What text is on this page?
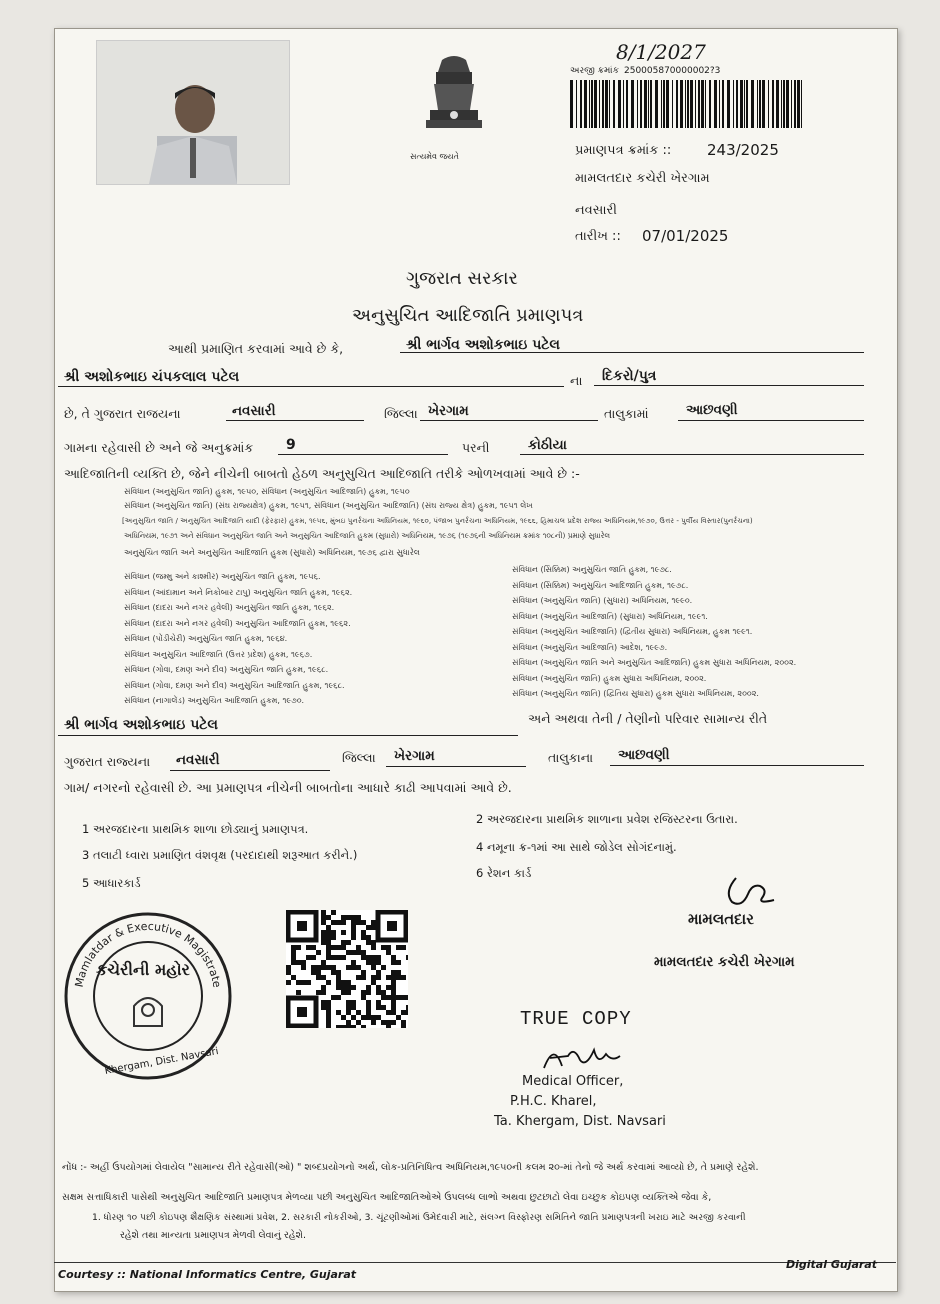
સત્યમેવ જયતે
8/1/2027
અરજી ક્રમાંક 250005870000002?3
પ્રમાણપત્ર ક્રમાંક :: 243/2025
મામલતદાર કચેરી ખેરગામ
નવસારી
તારીખ :: 07/01/2025
ગુજરાત સરકાર
અનુસુચિત આદિજાતિ પ્રમાણપત્ર
આથી પ્રમાણિત કરવામાં આવે છે કે,	શ્રી ભાર્ગવ અશોકભાઇ પટેલ
શ્રી અશોકભાઇ ચંપકલાલ પટેલ	ના દિકરો/પુત્ર
છે, તે ગુજરાત રાજયના	નવસારી	જિલ્લા ખેરગામ	તાલુકામાં	આછવણી
ગામના રહેવાસી છે અને જે અનુક્રમાંક 9	પરની	કોઠીયા
આદિજાતિની વ્યક્તિ છે, જેને નીચેની બાબતો હેઠળ અનુસુચિત આદિજાતિ તરીકે ઓળખવામાં આવે છે :-
સંવિધાન (અનુસુચિત જાતિ) હુકમ, ૧૯૫૦, સંવિધાન (અનુસુચિત આદિજાતિ) હુકમ, ૧૯૫૦
સંવિધાન (અનુસુચિત જાતિ) (સંઘ રાજ્યક્ષેત્ર) હુકમ, ૧૯૫૧, સંવિધાન (અનુસુચિત આદિજાતિ) (સંઘ રાજ્ય ક્ષેત્ર) હુકમ, ૧૯૫૧ લેખ
[અનુસુચિત જાતિ / અનુસુચિત આદિજાતિ યાદી (ફેરફાર) હુકમ, ૧૯૫૬, મુંબઇ પુનર્રચના અધિનિયમ, ૧૯૬૦, પંજાબ પુનર્રચના અધિનિયમ, ૧૯૬૬, હિમાચલ પ્રદેશ રાજ્ય અધિનિયમ,૧૯૭૦, ઉત્તર - પુર્વીય વિસ્તાર(પુનર્રચના)
અધિનિયમ, ૧૯૭૧ અને સંવિધાન અનુસુચિત જાતિ અને અનુસુચિત આદિજાતિ હુકમ (સુધારો) અધિનિયમ, ૧૯૭૬ (૧૯૭૬ની અધિનિયમ ક્રમાંક ૧૦૮ની) પ્રમાણે સુધારેલ
અનુસુચિત જાતિ અને અનુસુચિત આદિજાતિ હુકમ (સુધારો) અધિનિયમ, ૧૯૭૬ દ્વારા સુધારેલ
સંવિધાન (જમ્મુ અને કાશ્મીર) અનુસુચિત જાતિ હુકમ, ૧૯૫૬.
સંવિધાન (આંદામાન અને નિકોબાર ટાપુ) અનુસુચિત જાતિ હુકમ, ૧૯૬૨.
સંવિધાન (દાદરા અને નગર હવેલી) અનુસુચિત જાતિ હુકમ, ૧૯૬૨.
સંવિધાન (દાદરા અને નગર હવેલી) અનુસુચિત આદિજાતિ હુકમ, ૧૯૬૨.
સંવિધાન (પોંડીચેરી) અનુસુચિત જાતિ હુકમ, ૧૯૬૪.
સંવિધાન અનુસુચિત આદિજાતિ (ઉત્તર પ્રદેશ) હુકમ, ૧૯૬૭.
સંવિધાન (ગોવા, દમણ અને દીવ) અનુસુચિત જાતિ હુકમ, ૧૯૬૮.
સંવિધાન (ગોવા, દમણ અને દીવ) અનુસુચિત આદિજાતિ હુકમ, ૧૯૬૮.
સંવિધાન (નાગાલેંડ) અનુસુચિત આદિજાતિ હુકમ, ૧૯૭૦.
સંવિધાન (સિક્કિમ) અનુસુચિત જાતિ હુકમ, ૧૯૭૮.
સંવિધાન (સિક્કિમ) અનુસુચિત આદિજાતિ હુકમ, ૧૯૭૮.
સંવિધાન (અનુસુચિત જાતિ) (સુધારા) અધિનિયમ, ૧૯૯૦.
સંવિધાન (અનુસુચિત આદિજાતિ) (સુધારા) અધિનિયમ, ૧૯૯૧.
સંવિધાન (અનુસુચિત આદિજાતિ) (દ્વિતીય સુધારા) અધિનિયમ, હુકમ ૧૯૯૧.
સંવિધાન (અનુસુચિત આદિજાતિ) આદેશ, ૧૯૯૭.
સંવિધાન (અનુસુચિત જાતિ અને અનુસુચિત આદિજાતિ) હુકમ સુધારા અધિનિયમ, ૨૦૦૨.
સંવિધાન (અનુસુચિત જાતિ) હુકમ સુધારા અધિનિયમ, ૨૦૦૨.
સંવિધાન (અનુસુચિત જાતિ) (દ્વિતિય સુધારા) હુકમ સુધારા અધિનિયમ, ૨૦૦૨.
શ્રી ભાર્ગવ અશોકભાઇ પટેલ	અને અથવા તેની / તેણીનો પરિવાર સામાન્ય રીતે
ગુજરાત રાજ્યના નવસારી	જિલ્લા ખેરગામ	તાલુકાના આછવણી
ગામ/ નગરનો રહેવાસી છે. આ પ્રમાણપત્ર નીચેની બાબતોના આધારે કાઢી આપવામાં આવે છે.
1 અરજદારના પ્રાથમિક શાળા છોડ્યાનું પ્રમાણપત્ર.
2 અરજદારના પ્રાથમિક શાળાના પ્રવેશ રજિસ્ટરના ઉતારા.
3 તલાટી ધ્વારા પ્રમાણિત વંશવૃક્ષ (પરદાદાથી શરૂઆત કરીને.)
4 નમૂના ક્ર-૧માં આ સાથે જોડેલ સોગંદનામું.
5 આધારકાર્ડ
6 રેશન કાર્ડ
મામલતદાર
મામલતદાર કચેરી ખેરગામ
Mamlatdar & Executive Magistrate
કચેરીની મહોર
Khergam, Dist. Navsari
TRUE COPY
Medical Officer,
P.H.C. Kharel,
Ta. Khergam, Dist. Navsari
નોંધ :- અહીં ઉપયોગમાં લેવાયેલ "સામાન્ય રીતે રહેવાસી(ઓ) " શબ્દપ્રયોગનો અર્થ, લોક-પ્રતિનિધિત્વ અધિનિયમ,૧૯૫૦ની કલમ ૨૦-માં તેનો જે અર્થ કરવામાં આવ્યો છે, તે પ્રમાણે રહેશે.
સક્ષમ સત્તાધિકારી પાસેથી અનુસુચિત આદિજાતિ પ્રમાણપત્ર મેળવ્યા પછી અનુસુચિત આદિજાતિઓએ ઉપલબ્ધ લાભો અથવા છુટછાટો લેવા ઇચ્છુક કોઇપણ વ્યક્તિએ જેવા કે,
1. ધોરણ ૧૦ પછી કોઇપણ શૈક્ષણિક સંસ્થામાં પ્રવેશ, 2. સરકારી નોકરીઓ, 3. ચૂંટણીઓમાં ઉમેદવારી માટે, સંલગ્ન વિસ્ફોરણ સમિતિને જાતિ પ્રમાણપત્રની ખરાઇ માટે અરજી કરવાની
રહેશે તથા માન્યતા પ્રમાણપત્ર મેળવી લેવાનું રહેશે.
Courtesy :: National Informatics Centre, Gujarat
Digital Gujarat
